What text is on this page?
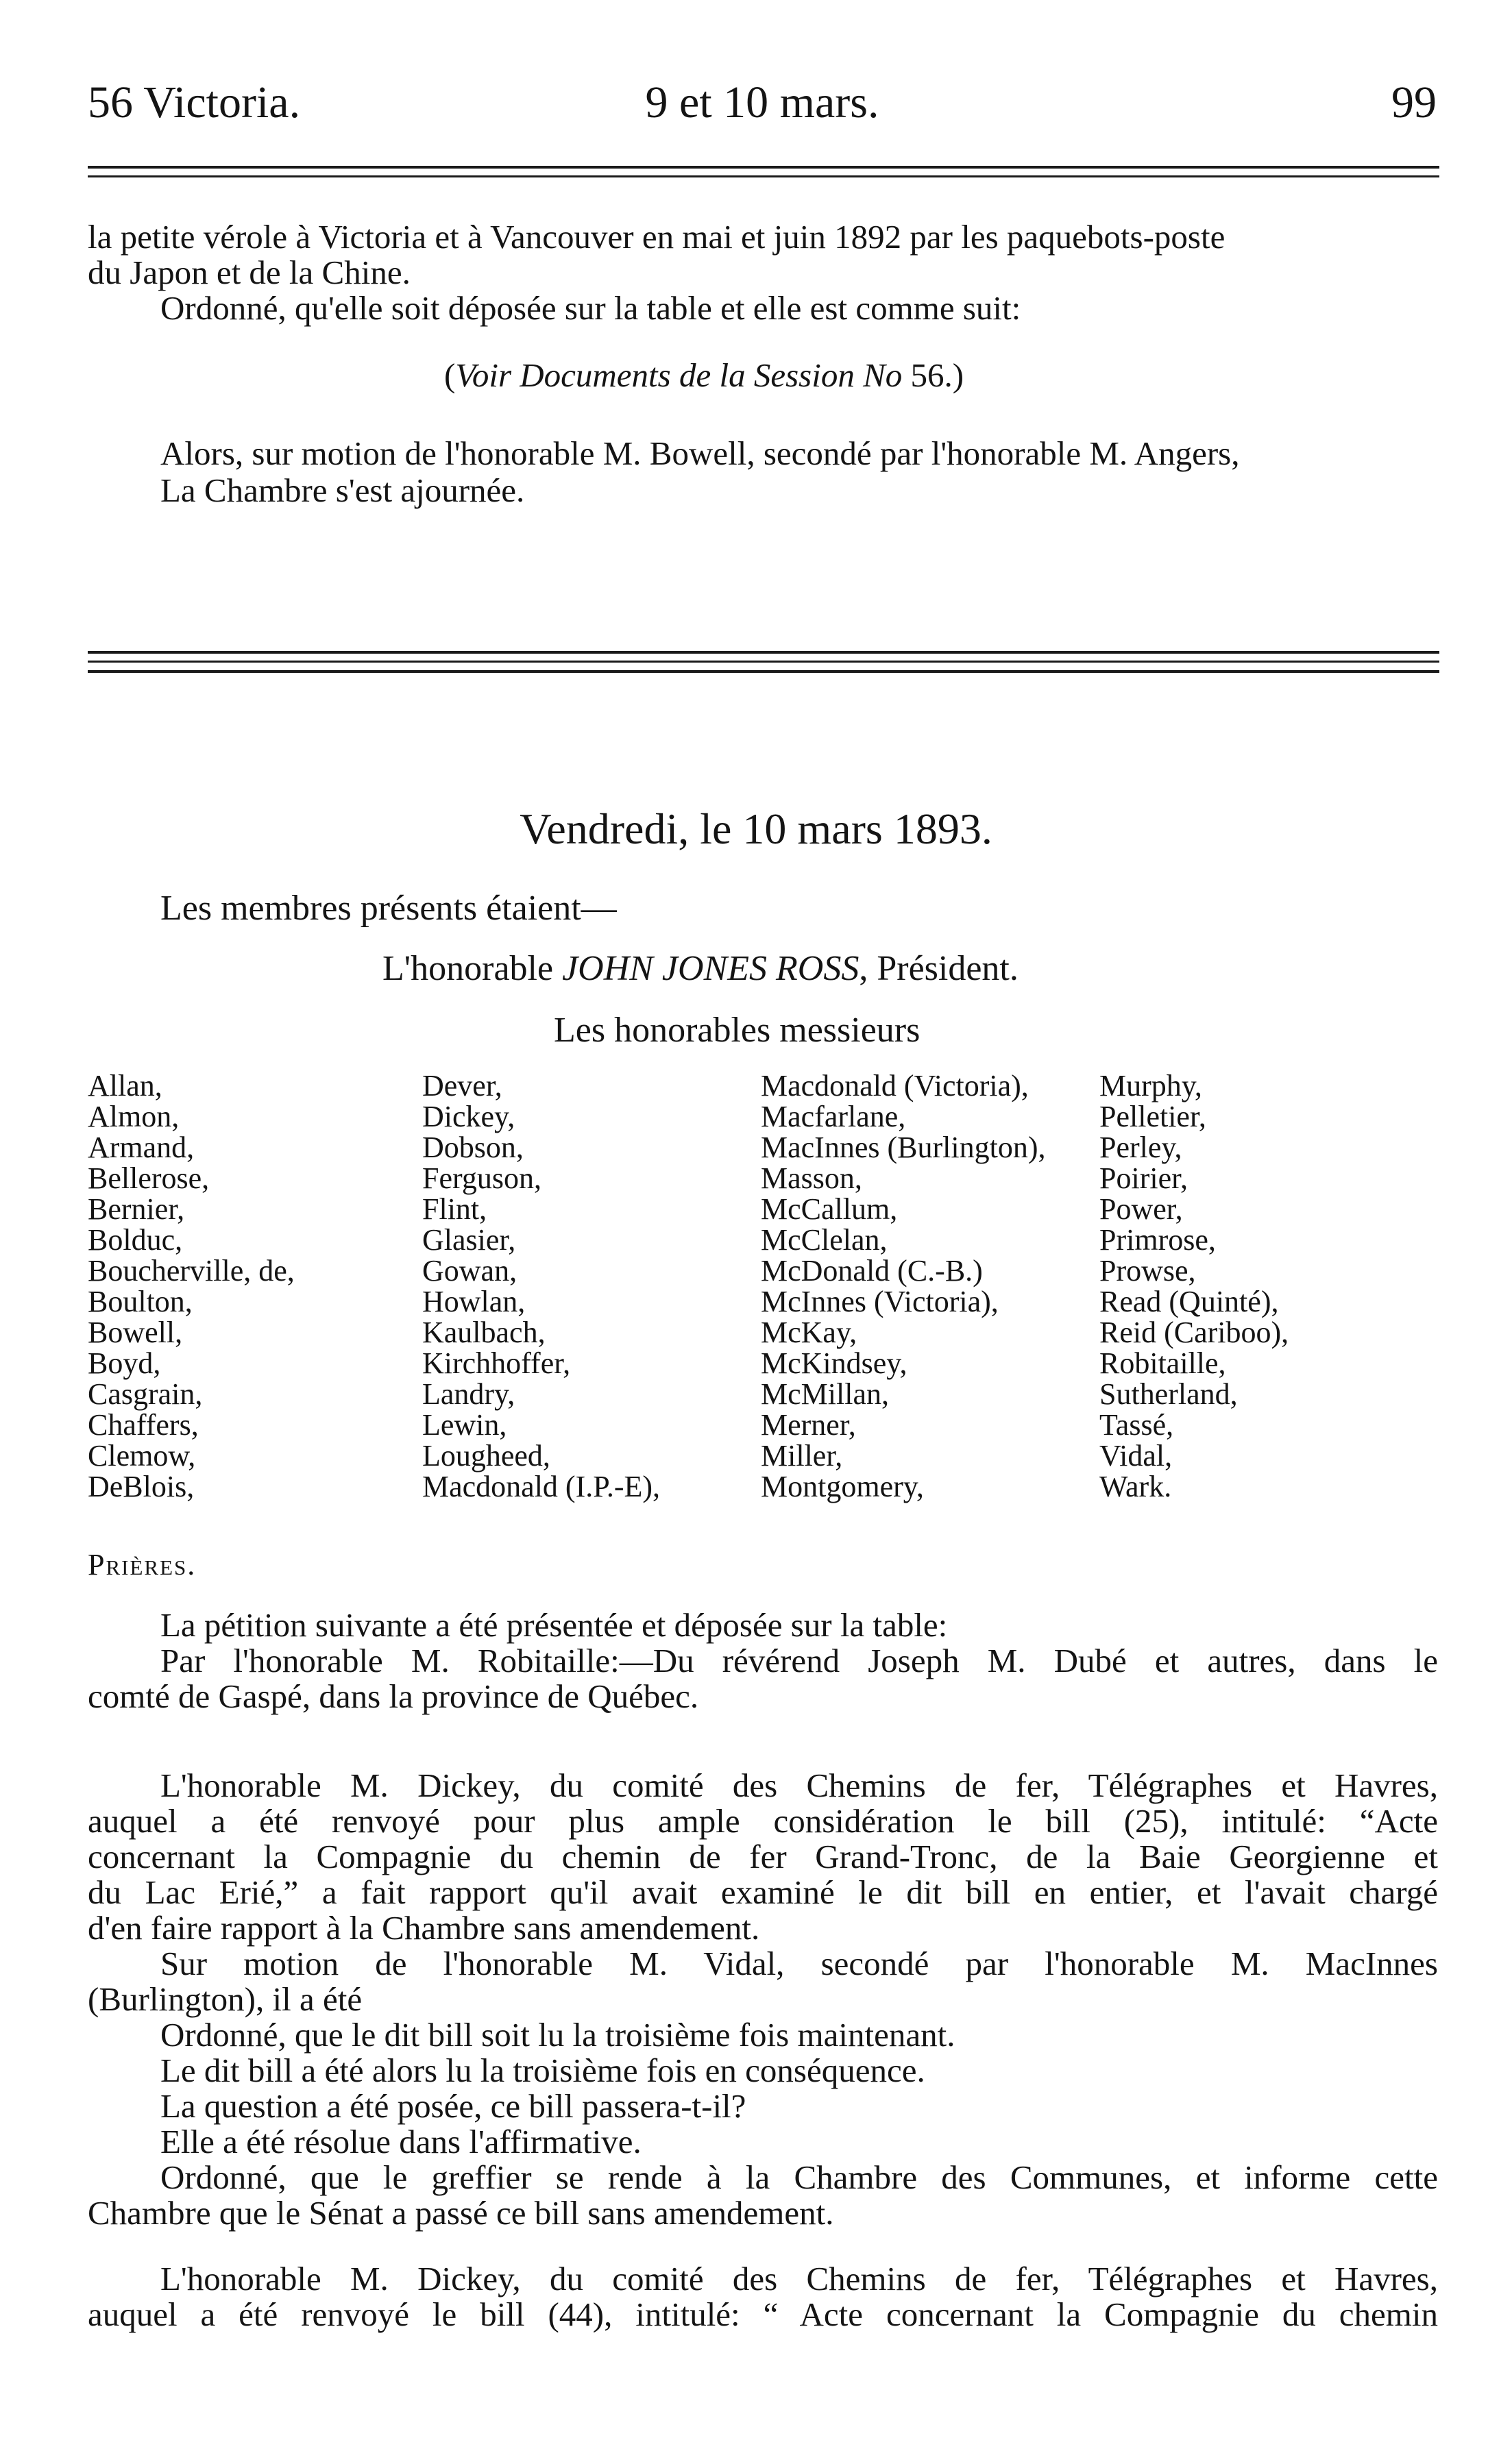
56 Victoria.	9 et 10 mars.	99
la petite vérole à Victoria et à Vancouver en mai et juin 1892 par les paquebots-poste
du Japon et de la Chine.
Ordonné, qu'elle soit déposée sur la table et elle est comme suit:
(Voir Documents de la Session No 56.)
Alors, sur motion de l'honorable M. Bowell, secondé par l'honorable M. Angers,
La Chambre s'est ajournée.
Vendredi, le 10 mars 1893.
Les membres présents étaient—
L'honorable JOHN JONES ROSS, Président.
Les honorables messieurs
Allan,
Almon,
Armand,
Bellerose,
Bernier,
Bolduc,
Boucherville, de,
Boulton,
Bowell,
Boyd,
Casgrain,
Chaffers,
Clemow,
DeBlois,
Dever,
Dickey,
Dobson,
Ferguson,
Flint,
Glasier,
Gowan,
Howlan,
Kaulbach,
Kirchhoffer,
Landry,
Lewin,
Lougheed,
Macdonald (I.P.-E),
Macdonald (Victoria),
Macfarlane,
MacInnes (Burlington),
Masson,
McCallum,
McClelan,
McDonald (C.-B.)
McInnes (Victoria),
McKay,
McKindsey,
McMillan,
Merner,
Miller,
Montgomery,
Murphy,
Pelletier,
Perley,
Poirier,
Power,
Primrose,
Prowse,
Read (Quinté),
Reid (Cariboo),
Robitaille,
Sutherland,
Tassé,
Vidal,
Wark.
Prières.
La pétition suivante a été présentée et déposée sur la table:
Par l'honorable M. Robitaille:—Du révérend Joseph M. Dubé et autres, dans le
comté de Gaspé, dans la province de Québec.
L'honorable M. Dickey, du comité des Chemins de fer, Télégraphes et Havres,
auquel a été renvoyé pour plus ample considération le bill (25), intitulé: “Acte
concernant la Compagnie du chemin de fer Grand-Tronc, de la Baie Georgienne et
du Lac Erié,” a fait rapport qu'il avait examiné le dit bill en entier, et l'avait chargé
d'en faire rapport à la Chambre sans amendement.
Sur motion de l'honorable M. Vidal, secondé par l'honorable M. MacInnes
(Burlington), il a été
Ordonné, que le dit bill soit lu la troisième fois maintenant.
Le dit bill a été alors lu la troisième fois en conséquence.
La question a été posée, ce bill passera-t-il?
Elle a été résolue dans l'affirmative.
Ordonné, que le greffier se rende à la Chambre des Communes, et informe cette
Chambre que le Sénat a passé ce bill sans amendement.
L'honorable M. Dickey, du comité des Chemins de fer, Télégraphes et Havres,
auquel a été renvoyé le bill (44), intitulé: “ Acte concernant la Compagnie du chemin
